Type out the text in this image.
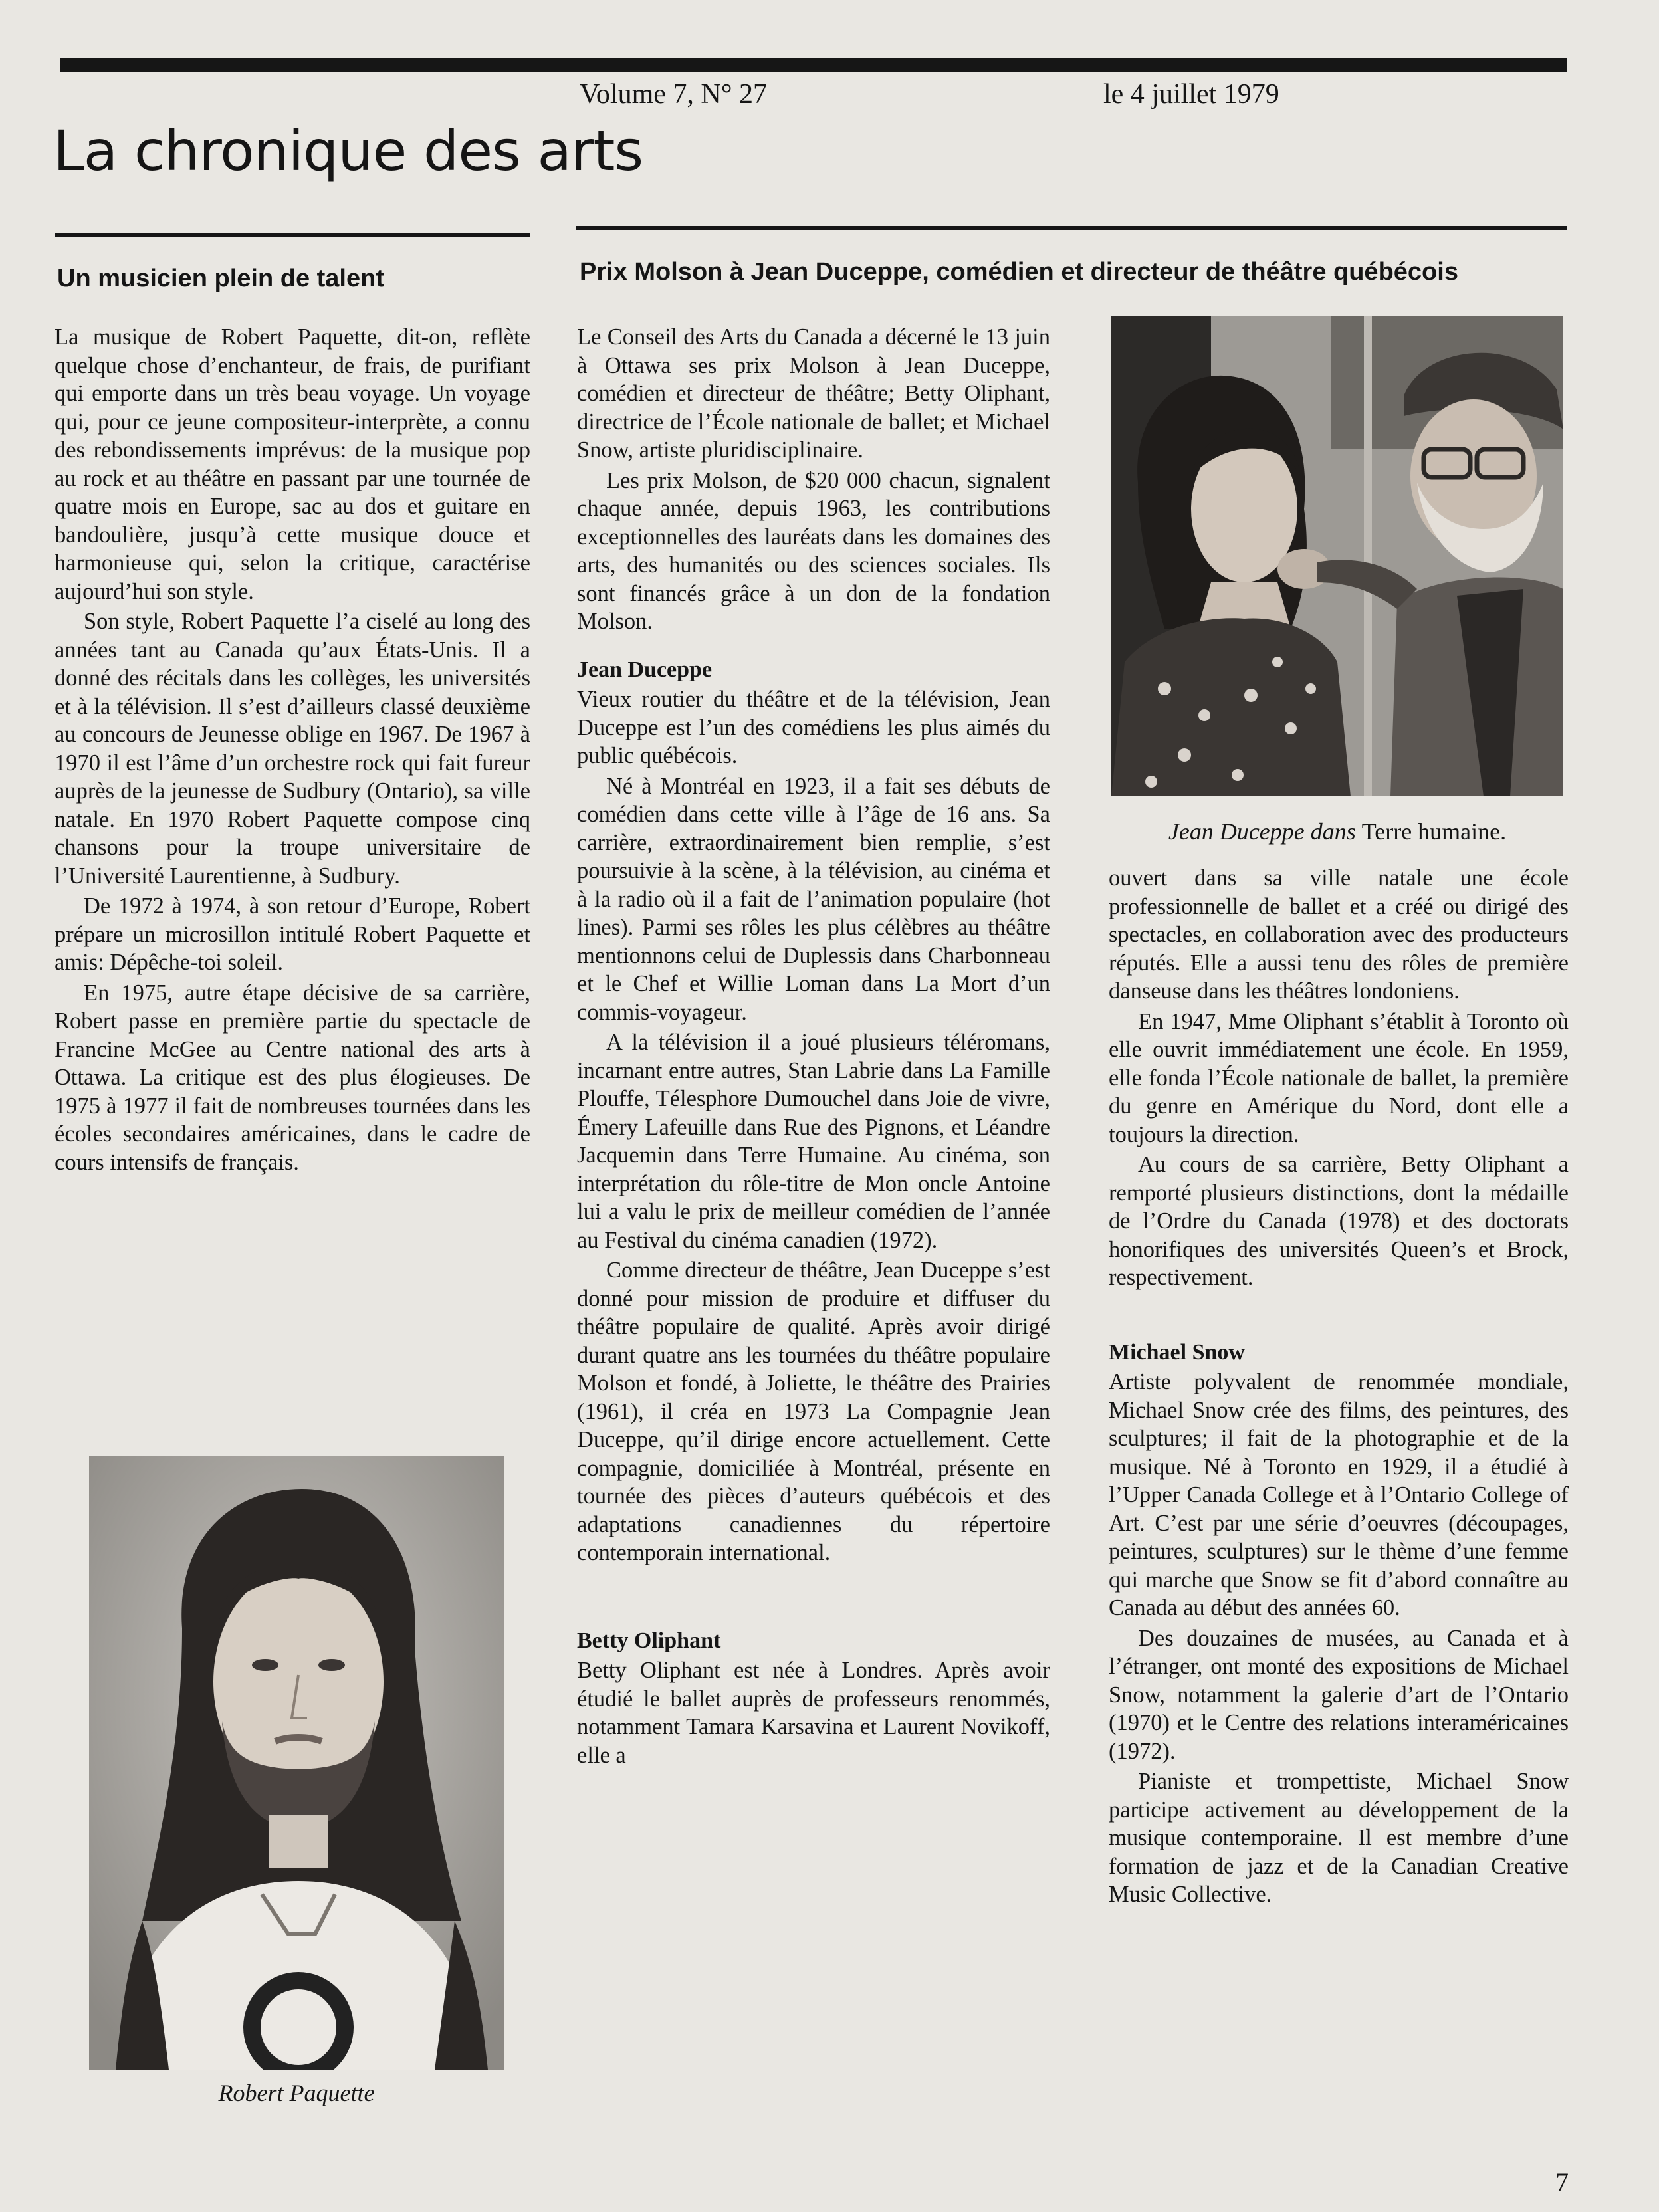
Volume 7, N° 27	le 4 juillet 1979
La chronique des arts
Un musicien plein de talent	Prix Molson à Jean Duceppe, comédien et directeur de théâtre québécois

La musique de Robert Paquette, dit-on, reflète quelque chose d’enchanteur, de frais, de purifiant qui emporte dans un très beau voyage. Un voyage qui, pour ce jeune compositeur-interprète, a connu des rebondissements imprévus: de la musique pop au rock et au théâtre en passant par une tournée de quatre mois en Europe, sac au dos et guitare en bandoulière, jusqu’à cette musique douce et harmonieuse qui, selon la critique, caractérise aujourd’hui son style.

Son style, Robert Paquette l’a ciselé au long des années tant au Canada qu’aux États-Unis. Il a donné des récitals dans les collèges, les universités et à la télévision. Il s’est d’ailleurs classé deuxième au concours de Jeunesse oblige en 1967. De 1967 à 1970 il est l’âme d’un orchestre rock qui fait fureur auprès de la jeunesse de Sudbury (Ontario), sa ville natale. En 1970 Robert Paquette compose cinq chansons pour la troupe universitaire de l’Université Laurentienne, à Sudbury.

De 1972 à 1974, à son retour d’Europe, Robert prépare un microsillon intitulé Robert Paquette et amis: Dépêche-toi soleil.

En 1975, autre étape décisive de sa carrière, Robert passe en première partie du spectacle de Francine McGee au Centre national des arts à Ottawa. La critique est des plus élogieuses. De 1975 à 1977 il fait de nombreuses tournées dans les écoles secondaires américaines, dans le cadre de cours intensifs de français.

Robert Paquette

Le Conseil des Arts du Canada a décerné le 13 juin à Ottawa ses prix Molson à Jean Duceppe, comédien et directeur de théâtre; Betty Oliphant, directrice de l’École nationale de ballet; et Michael Snow, artiste pluridisciplinaire.

Les prix Molson, de $20 000 chacun, signalent chaque année, depuis 1963, les contributions exceptionnelles des lauréats dans les domaines des arts, des humanités ou des sciences sociales. Ils sont financés grâce à un don de la fondation Molson.

Jean Duceppe

Vieux routier du théâtre et de la télévision, Jean Duceppe est l’un des comédiens les plus aimés du public québécois.

Né à Montréal en 1923, il a fait ses débuts de comédien dans cette ville à l’âge de 16 ans. Sa carrière, extraordinairement bien remplie, s’est poursuivie à la scène, à la télévision, au cinéma et à la radio où il a fait de l’animation populaire (hot lines). Parmi ses rôles les plus célèbres au théâtre mentionnons celui de Duplessis dans Charbonneau et le Chef et Willie Loman dans La Mort d’un commis-voyageur.

A la télévision il a joué plusieurs téléromans, incarnant entre autres, Stan Labrie dans La Famille Plouffe, Télesphore Dumouchel dans Joie de vivre, Émery Lafeuille dans Rue des Pignons, et Léandre Jacquemin dans Terre Humaine. Au cinéma, son interprétation du rôle-titre de Mon oncle Antoine lui a valu le prix de meilleur comédien de l’année au Festival du cinéma canadien (1972).

Comme directeur de théâtre, Jean Duceppe s’est donné pour mission de produire et diffuser du théâtre populaire de qualité. Après avoir dirigé durant quatre ans les tournées du théâtre populaire Molson et fondé, à Joliette, le théâtre des Prairies (1961), il créa en 1973 La Compagnie Jean Duceppe, qu’il dirige encore actuellement. Cette compagnie, domiciliée à Montréal, présente en tournée des pièces d’auteurs québécois et des adaptations canadiennes du répertoire contemporain international.

Betty Oliphant

Betty Oliphant est née à Londres. Après avoir étudié le ballet auprès de professeurs renommés, notamment Tamara Karsavina et Laurent Novikoff, elle a

Jean Duceppe dans Terre humaine.

ouvert dans sa ville natale une école professionnelle de ballet et a créé ou dirigé des spectacles, en collaboration avec des producteurs réputés. Elle a aussi tenu des rôles de première danseuse dans les théâtres londoniens.

En 1947, Mme Oliphant s’établit à Toronto où elle ouvrit immédiatement une école. En 1959, elle fonda l’École nationale de ballet, la première du genre en Amérique du Nord, dont elle a toujours la direction.

Au cours de sa carrière, Betty Oliphant a remporté plusieurs distinctions, dont la médaille de l’Ordre du Canada (1978) et des doctorats honorifiques des universités Queen’s et Brock, respectivement.

Michael Snow

Artiste polyvalent de renommée mondiale, Michael Snow crée des films, des peintures, des sculptures; il fait de la photographie et de la musique. Né à Toronto en 1929, il a étudié à l’Upper Canada College et à l’Ontario College of Art. C’est par une série d’oeuvres (découpages, peintures, sculptures) sur le thème d’une femme qui marche que Snow se fit d’abord connaître au Canada au début des années 60.

Des douzaines de musées, au Canada et à l’étranger, ont monté des expositions de Michael Snow, notamment la galerie d’art de l’Ontario (1970) et le Centre des relations interaméricaines (1972).

Pianiste et trompettiste, Michael Snow participe activement au développement de la musique contemporaine. Il est membre d’une formation de jazz et de la Canadian Creative Music Collective.

7
